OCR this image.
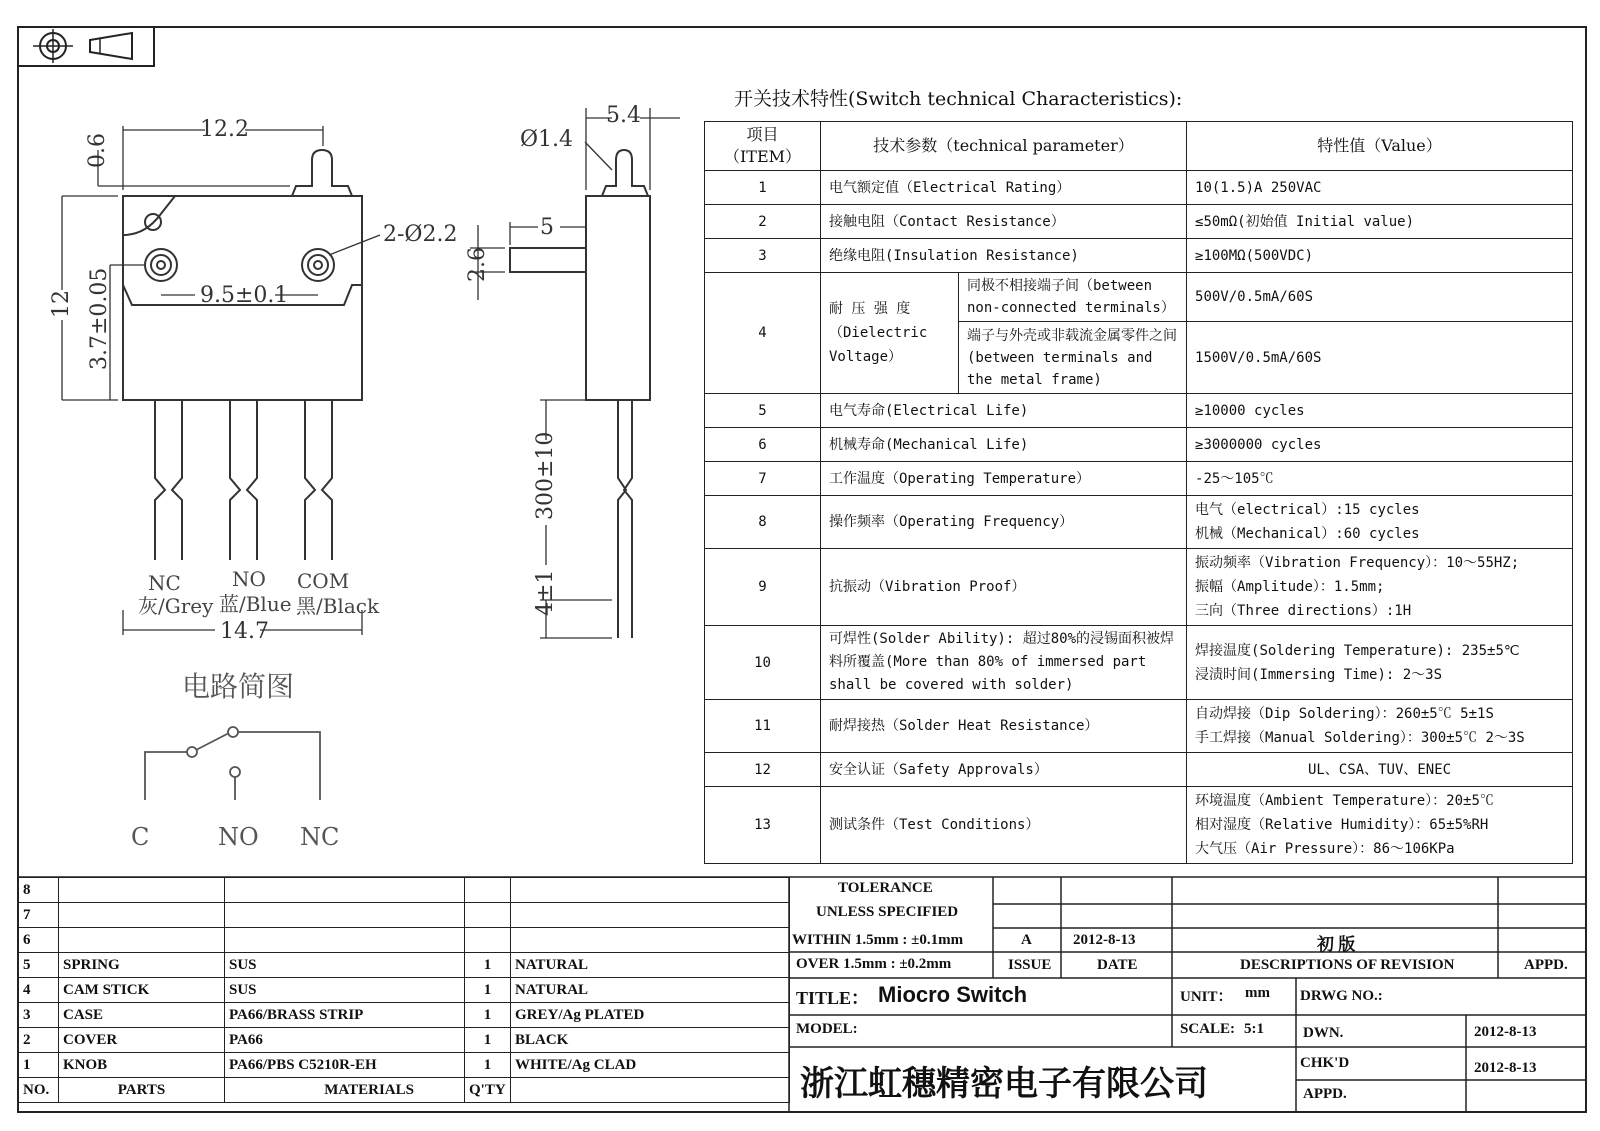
12.2
0.6
2-Ø2.2
9.5±0.1
12 3.7±0.05
14.7
NC	NO COM
灰/Grey 蓝/Blue 黑/Black
5.4
Ø1.4
5
2.6
300±10
4±1
电路简图
C	NO NC
开关技术特性(Switch technical Characteristics):
项目（ITEM）	技术参数（technical parameter）		特性值（Value）
1	电气额定值（Electrical Rating）		10(1.5)A 250VAC
2	接触电阻（Contact Resistance）		≤50mΩ(初始值 Initial value)
3	绝缘电阻(Insulation Resistance)		≥100MΩ(500VDC)
4	耐 压 强 度 （Dielectric Voltage）	同极不相接端子间（between non-connected terminals）	500V/0.5mA/60S
		端子与外壳或非载流金属零件之间(between terminals and the metal frame)	1500V/0.5mA/60S
5	电气寿命(Electrical Life)		≥10000 cycles
6	机械寿命(Mechanical Life)		≥3000000 cycles
7	工作温度（Operating Temperature）		-25～105℃
8	操作频率（Operating Frequency）		电气（electrical）:15 cycles
机械（Mechanical）:60 cycles

9	抗振动（Vibration Proof）		振动频率（Vibration Frequency）：10～55HZ;
振幅（Amplitude）：1.5mm;
三向（Three directions）:1H

10	可焊性(Solder Ability): 超过80%的浸锡面积被焊料所覆盖(More than 80% of immersed part shall be covered with solder)		焊接温度(Soldering Temperature): 235±5℃
浸渍时间(Immersing Time): 2～3S

11	耐焊接热（Solder Heat Resistance）		自动焊接（Dip Soldering）：260±5℃ 5±1S
手工焊接（Manual Soldering）：300±5℃ 2～3S

12	安全认证（Safety Approvals）		UL、CSA、TUV、ENEC
13	测试条件（Test Conditions）		环境温度（Ambient Temperature）：20±5℃
相对湿度（Relative Humidity）：65±5%RH
大气压（Air Pressure）：86～106KPa
8				
7				
6				
5	SPRING	SUS	1	NATURAL
4	CAM STICK	SUS	1	NATURAL
3	CASE	PA66/BRASS STRIP	1	GREY/Ag PLATED
2	COVER	PA66	1	BLACK
1	KNOB	PA66/PBS C5210R-EH	1	WHITE/Ag CLAD
NO.	PARTS	MATERIALS	Q'TY	
TOLERANCE
UNLESS SPECIFIED
WITHIN 1.5mm : ±0.1mm
OVER 1.5mm : ±0.2mm
A	2012-8-13	初 版
ISSUE	DATE	DESCRIPTIONS OF REVISION	APPD.
TITLE： Miocro Switch	UNIT： mm DRWG NO.:
MODEL:	SCALE: 5:1	DWN.	2012-8-13
CHK'D	2012-8-13
APPD.
浙江虹穗精密电子有限公司
